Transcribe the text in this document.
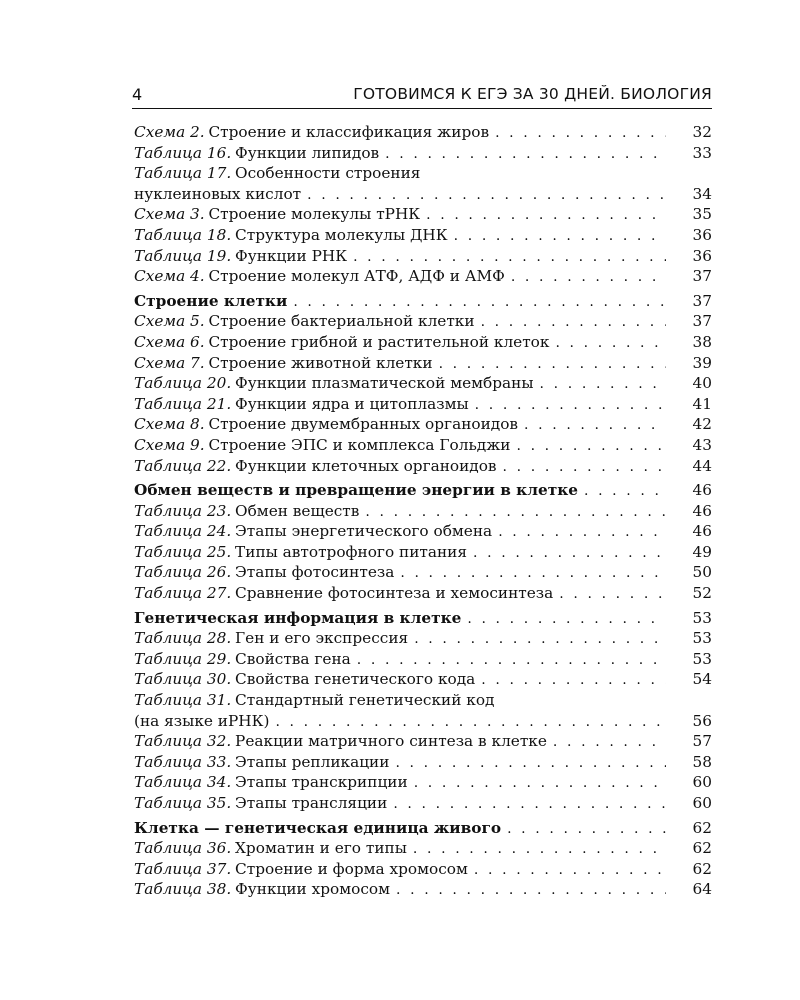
4	ГОТОВИМСЯ К ЕГЭ ЗА 30 ДНЕЙ. БИОЛОГИЯ
Схема 2. Строение и классификация жиров . . .	32
Таблица 16. Функции липидов . . .	33
Таблица 17. Особенности строения
нуклеиновых кислот . . .	34
Схема 3. Строение молекулы тРНК . . .	35
Таблица 18. Структура молекулы ДНК . . .	36
Таблица 19. Функции РНК . . .	36
Схема 4. Строение молекул АТФ, АДФ и АМФ . . .	37
Строение клетки . . .	37
Схема 5. Строение бактериальной клетки . . .	37
Схема 6. Строение грибной и растительной клеток . . .	38
Схема 7. Строение животной клетки . . .	39
Таблица 20. Функции плазматической мембраны . . .	40
Таблица 21. Функции ядра и цитоплазмы . . .	41
Схема 8. Строение двумембранных органоидов . . .	42
Схема 9. Строение ЭПС и комплекса Гольджи . . .	43
Таблица 22. Функции клеточных органоидов . . .	44
Обмен веществ и превращение энергии в клетке . . .	46
Таблица 23. Обмен веществ . . .	46
Таблица 24. Этапы энергетического обмена . . .	46
Таблица 25. Типы автотрофного питания . . .	49
Таблица 26. Этапы фотосинтеза . . .	50
Таблица 27. Сравнение фотосинтеза и хемосинтеза . . .	52
Генетическая информация в клетке . . .	53
Таблица 28. Ген и его экспрессия . . .	53
Таблица 29. Свойства гена . . .	53
Таблица 30. Свойства генетического кода . . .	54
Таблица 31. Стандартный генетический код
(на языке иРНК) . . .	56
Таблица 32. Реакции матричного синтеза в клетке . . .	57
Таблица 33. Этапы репликации . . .	58
Таблица 34. Этапы транскрипции . . .	60
Таблица 35. Этапы трансляции . . .	60
Клетка — генетическая единица живого . . .	62
Таблица 36. Хроматин и его типы . . .	62
Таблица 37. Строение и форма хромосом . . .	62
Таблица 38. Функции хромосом . . .	64
